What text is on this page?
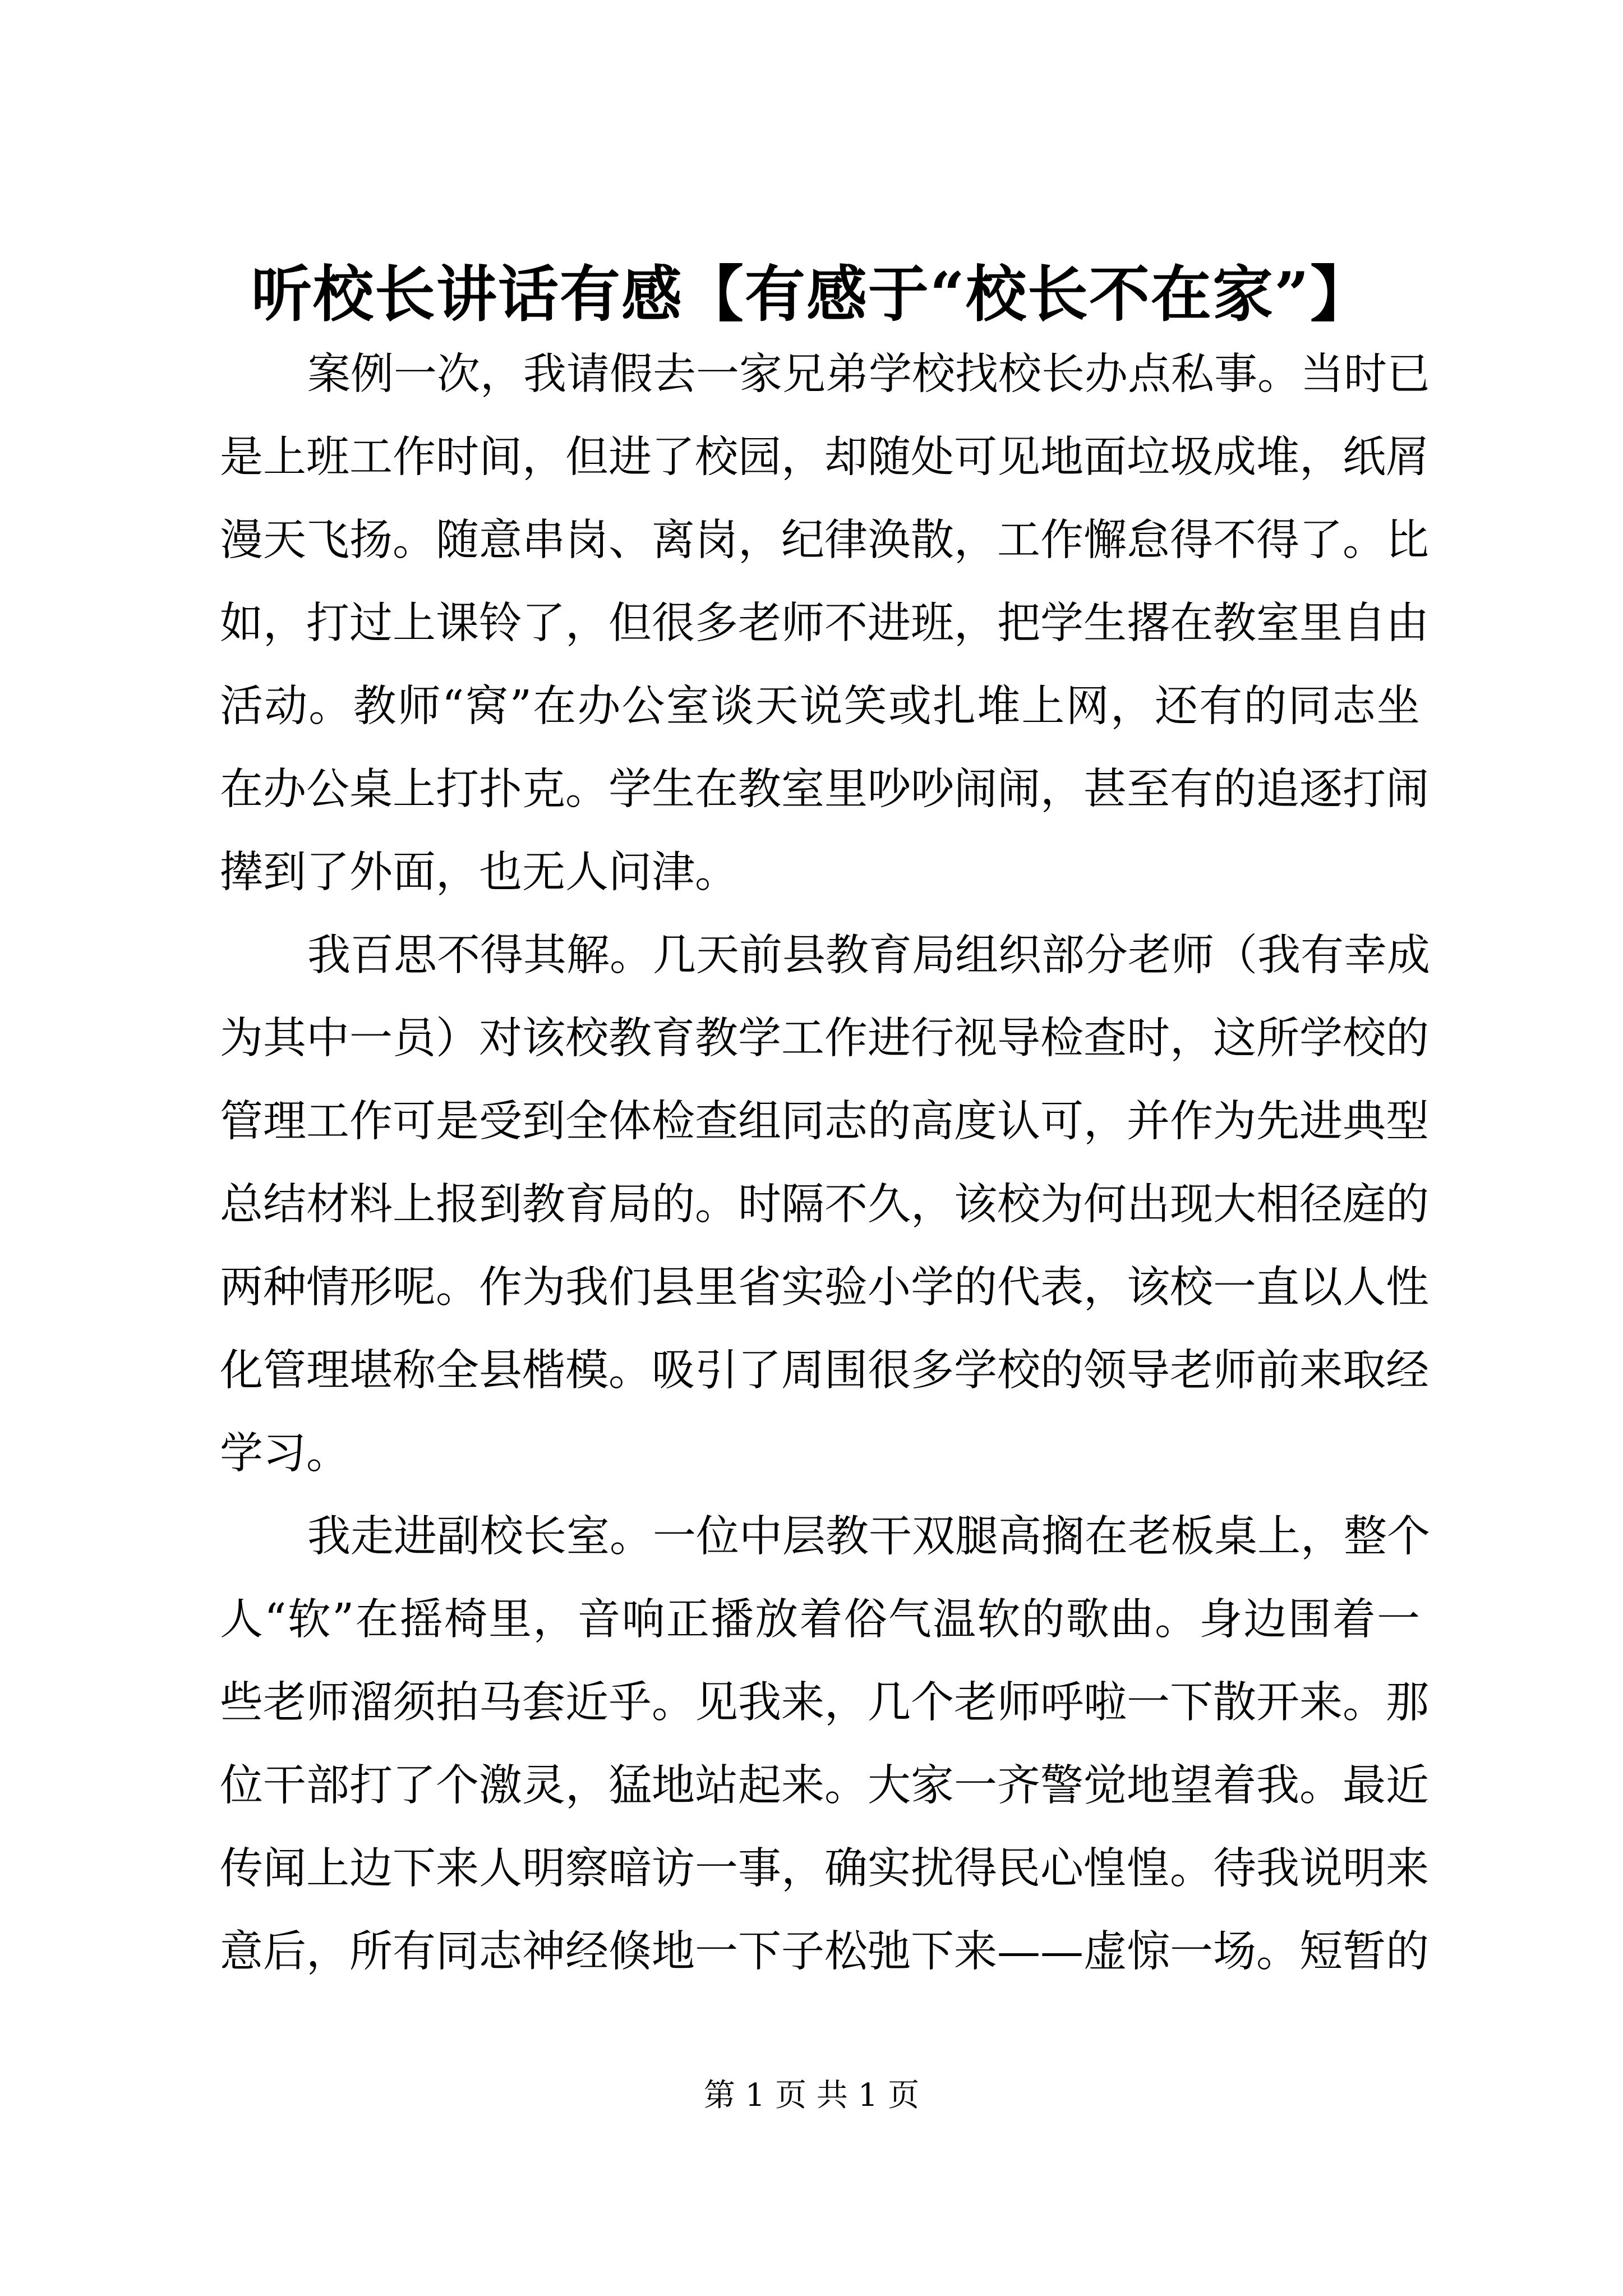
听校长讲话有感【有感于“校长不在家”】
案例一次，我请假去一家兄弟学校找校长办点私事。当时已
是上班工作时间，但进了校园，却随处可见地面垃圾成堆，纸屑
漫天飞扬。随意串岗、离岗，纪律涣散，工作懈怠得不得了。比
如，打过上课铃了，但很多老师不进班，把学生撂在教室里自由
活动。教师“窝”在办公室谈天说笑或扎堆上网，还有的同志坐
在办公桌上打扑克。学生在教室里吵吵闹闹，甚至有的追逐打闹
撵到了外面，也无人问津。
我百思不得其解。几天前县教育局组织部分老师（我有幸成
为其中一员）对该校教育教学工作进行视导检查时，这所学校的
管理工作可是受到全体检查组同志的高度认可，并作为先进典型
总结材料上报到教育局的。时隔不久，该校为何出现大相径庭的
两种情形呢。作为我们县里省实验小学的代表，该校一直以人性
化管理堪称全县楷模。吸引了周围很多学校的领导老师前来取经
学习。
我走进副校长室。一位中层教干双腿高搁在老板桌上，整个
人“软”在摇椅里，音响正播放着俗气温软的歌曲。身边围着一
些老师溜须拍马套近乎。见我来，几个老师呼啦一下散开来。那
位干部打了个激灵，猛地站起来。大家一齐警觉地望着我。最近
传闻上边下来人明察暗访一事，确实扰得民心惶惶。待我说明来
意后，所有同志神经倏地一下子松弛下来——虚惊一场。短暂的
第 1 页 共 1 页
